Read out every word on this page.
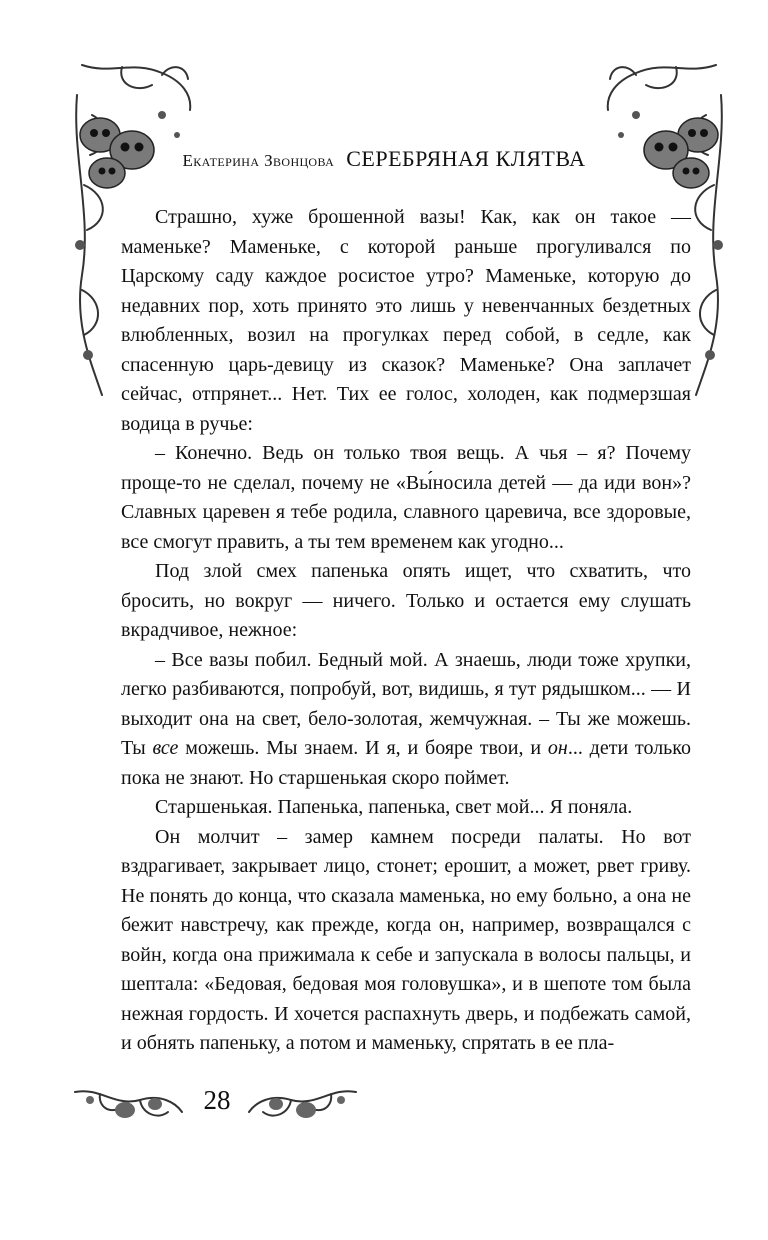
Екатерина Звонцова СЕРЕБРЯНАЯ КЛЯТВА

Страшно, хуже брошенной вазы! Как, как он такое — маменьке? Маменьке, с которой раньше прогуливался по Царскому саду каждое росистое утро? Маменьке, которую до недавних пор, хоть принято это лишь у невенчанных бездетных влюбленных, возил на прогулках перед собой, в седле, как спасенную царь-девицу из сказок? Маменьке? Она заплачет сейчас, отпрянет... Нет. Тих ее голос, холоден, как подмерзшая водица в ручье:

– Конечно. Ведь он только твоя вещь. А чья – я? Почему проще-то не сделал, почему не «Вы́носила детей — да иди вон»? Славных царевен я тебе родила, славного царевича, все здоровые, все смогут править, а ты тем временем как угодно...

Под злой смех папенька опять ищет, что схватить, что бросить, но вокруг — ничего. Только и остается ему слушать вкрадчивое, нежное:

– Все вазы побил. Бедный мой. А знаешь, люди тоже хрупки, легко разбиваются, попробуй, вот, видишь, я тут рядышком... — И выходит она на свет, бело-золотая, жемчужная. – Ты же можешь. Ты все можешь. Мы знаем. И я, и бояре твои, и он... дети только пока не знают. Но старшенькая скоро поймет.

Старшенькая. Папенька, папенька, свет мой... Я поняла.

Он молчит – замер камнем посреди палаты. Но вот вздрагивает, закрывает лицо, стонет; ерошит, а может, рвет гриву. Не понять до конца, что сказала маменька, но ему больно, а она не бежит навстречу, как прежде, когда он, например, возвращался с войн, когда она прижимала к себе и запускала в волосы пальцы, и шептала: «Бедовая, бедовая моя головушка», и в шепоте том была нежная гордость. И хочется распахнуть дверь, и подбежать самой, и обнять папеньку, а потом и маменьку, спрятать в ее пла-

28
